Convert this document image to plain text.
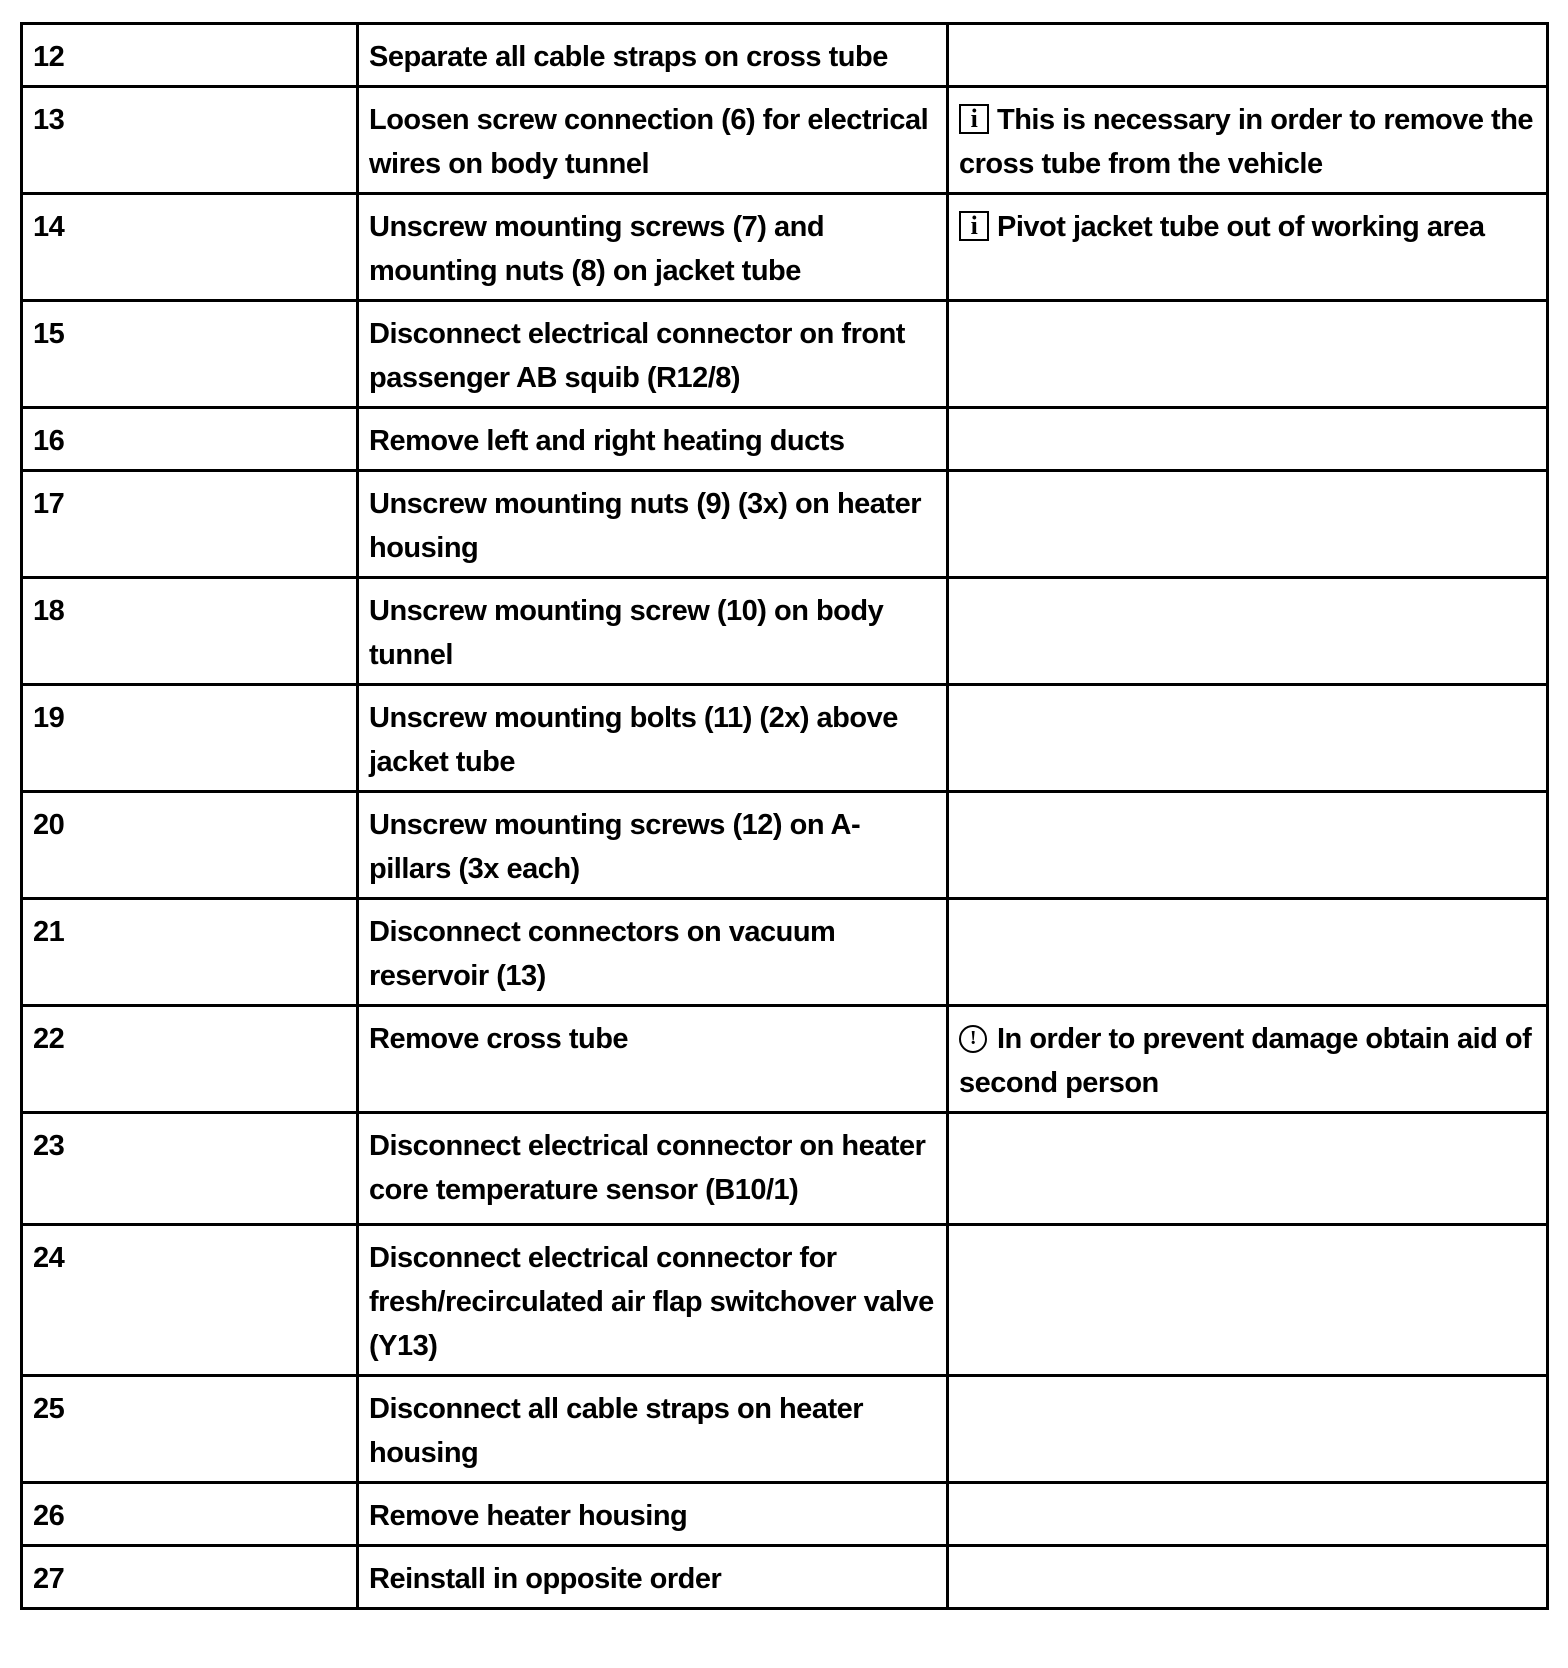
12	Separate all cable straps on cross tube	
13	Loosen screw connection (6) for electrical wires on body tunnel	i This is necessary in order to remove the cross tube from the vehicle
14	Unscrew mounting screws (7) and mounting nuts (8) on jacket tube	i Pivot jacket tube out of working area
15	Disconnect electrical connector on front passenger AB squib (R12/8)	
16	Remove left and right heating ducts	
17	Unscrew mounting nuts (9) (3x) on heater housing	
18	Unscrew mounting screw (10) on body tunnel	
19	Unscrew mounting bolts (11) (2x) above jacket tube	
20	Unscrew mounting screws (12) on A-pillars (3x each)	
21	Disconnect connectors on vacuum reservoir (13)	
22	Remove cross tube	! In order to prevent damage obtain aid of second person
23	Disconnect electrical connector on heater core temperature sensor (B10/1)	
24	Disconnect electrical connector for fresh/recirculated air flap switchover valve (Y13)	
25	Disconnect all cable straps on heater housing	
26	Remove heater housing	
27	Reinstall in opposite order	
